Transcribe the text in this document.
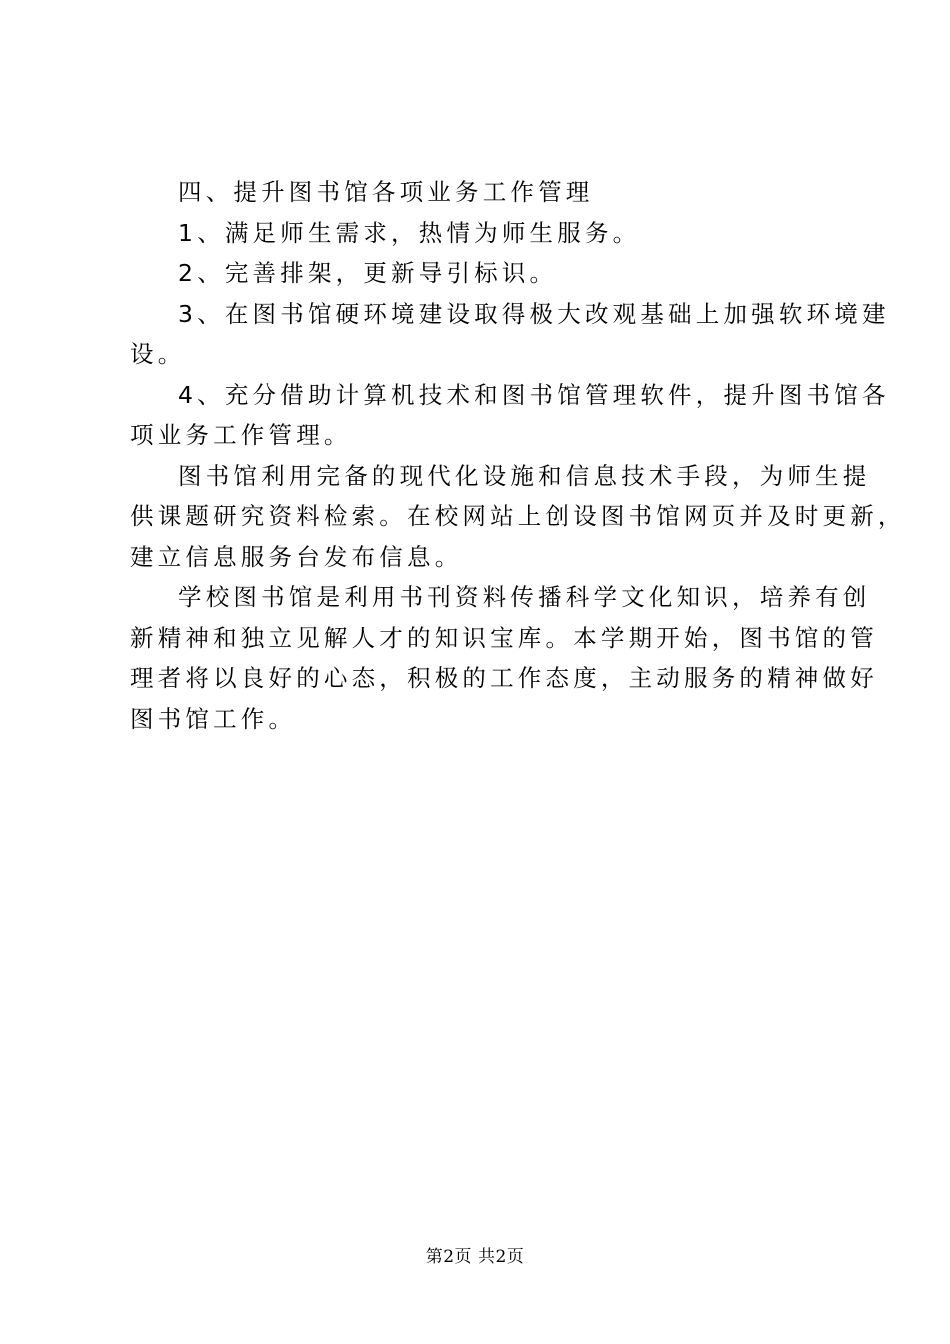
四、提升图书馆各项业务工作管理
1、满足师生需求，热情为师生服务。
2、完善排架，更新导引标识。
3、在图书馆硬环境建设取得极大改观基础上加强软环境建
设。
4、充分借助计算机技术和图书馆管理软件，提升图书馆各
项业务工作管理。
图书馆利用完备的现代化设施和信息技术手段，为师生提
供课题研究资料检索。在校网站上创设图书馆网页并及时更新，
建立信息服务台发布信息。
学校图书馆是利用书刊资料传播科学文化知识，培养有创
新精神和独立见解人才的知识宝库。本学期开始，图书馆的管
理者将以良好的心态，积极的工作态度，主动服务的精神做好
图书馆工作。
第2页 共2页
